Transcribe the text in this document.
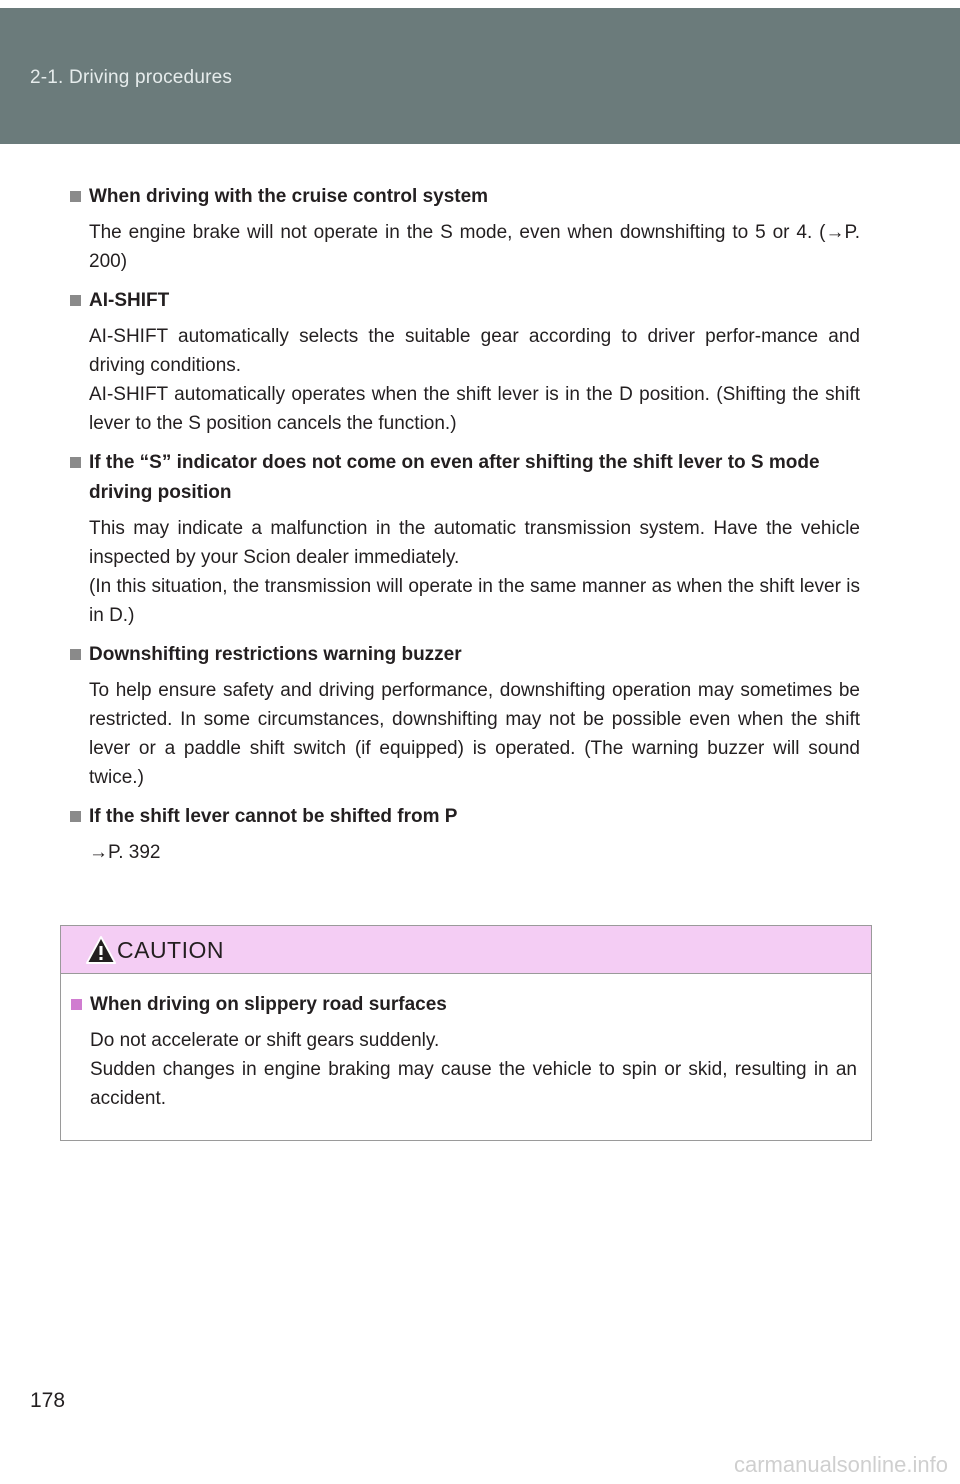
2-1. Driving procedures
When driving with the cruise control system

The engine brake will not operate in the S mode, even when downshifting to 5 or 4. (→P. 200)

AI-SHIFT

AI-SHIFT automatically selects the suitable gear according to driver perfor-mance and driving conditions.

AI-SHIFT automatically operates when the shift lever is in the D position. (Shifting the shift lever to the S position cancels the function.)

If the “S” indicator does not come on even after shifting the shift lever to S mode driving position

This may indicate a malfunction in the automatic transmission system. Have the vehicle inspected by your Scion dealer immediately.

(In this situation, the transmission will operate in the same manner as when the shift lever is in D.)

Downshifting restrictions warning buzzer

To help ensure safety and driving performance, downshifting operation may sometimes be restricted. In some circumstances, downshifting may not be possible even when the shift lever or a paddle shift switch (if equipped) is operated. (The warning buzzer will sound twice.)

If the shift lever cannot be shifted from P

→P. 392

CAUTION
When driving on slippery road surfaces

Do not accelerate or shift gears suddenly.

Sudden changes in engine braking may cause the vehicle to spin or skid, resulting in an accident.

178
carmanualsonline.info
